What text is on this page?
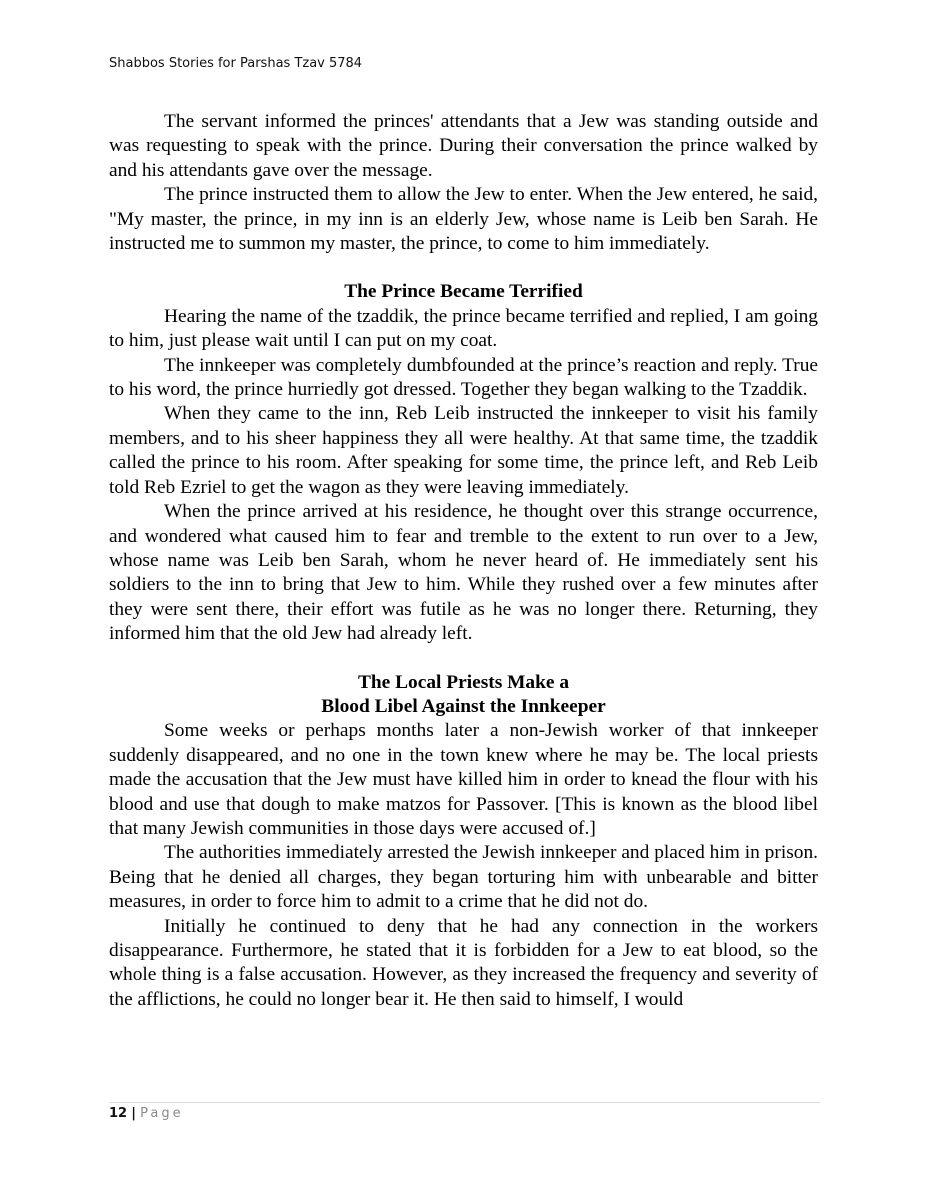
Shabbos Stories for Parshas Tzav 5784

The servant informed the princes' attendants that a Jew was standing outside and was requesting to speak with the prince. During their conversation the prince walked by and his attendants gave over the message.

The prince instructed them to allow the Jew to enter. When the Jew entered, he said, "My master, the prince, in my inn is an elderly Jew, whose name is Leib ben Sarah. He instructed me to summon my master, the prince, to come to him immediately.

The Prince Became Terrified

Hearing the name of the tzaddik, the prince became terrified and replied, I am going to him, just please wait until I can put on my coat.

The innkeeper was completely dumbfounded at the prince’s reaction and reply. True to his word, the prince hurriedly got dressed. Together they began walking to the Tzaddik.

When they came to the inn, Reb Leib instructed the innkeeper to visit his family members, and to his sheer happiness they all were healthy. At that same time, the tzaddik called the prince to his room. After speaking for some time, the prince left, and Reb Leib told Reb Ezriel to get the wagon as they were leaving immediately.

When the prince arrived at his residence, he thought over this strange occurrence, and wondered what caused him to fear and tremble to the extent to run over to a Jew, whose name was Leib ben Sarah, whom he never heard of. He immediately sent his soldiers to the inn to bring that Jew to him. While they rushed over a few minutes after they were sent there, their effort was futile as he was no longer there. Returning, they informed him that the old Jew had already left.

The Local Priests Make a
Blood Libel Against the Innkeeper

Some weeks or perhaps months later a non-Jewish worker of that innkeeper suddenly disappeared, and no one in the town knew where he may be. The local priests made the accusation that the Jew must have killed him in order to knead the flour with his blood and use that dough to make matzos for Passover. [This is known as the blood libel that many Jewish communities in those days were accused of.]

The authorities immediately arrested the Jewish innkeeper and placed him in prison. Being that he denied all charges, they began torturing him with unbearable and bitter measures, in order to force him to admit to a crime that he did not do.

Initially he continued to deny that he had any connection in the workers disappearance. Furthermore, he stated that it is forbidden for a Jew to eat blood, so the whole thing is a false accusation. However, as they increased the frequency and severity of the afflictions, he could no longer bear it. He then said to himself, I would

12 | Page
